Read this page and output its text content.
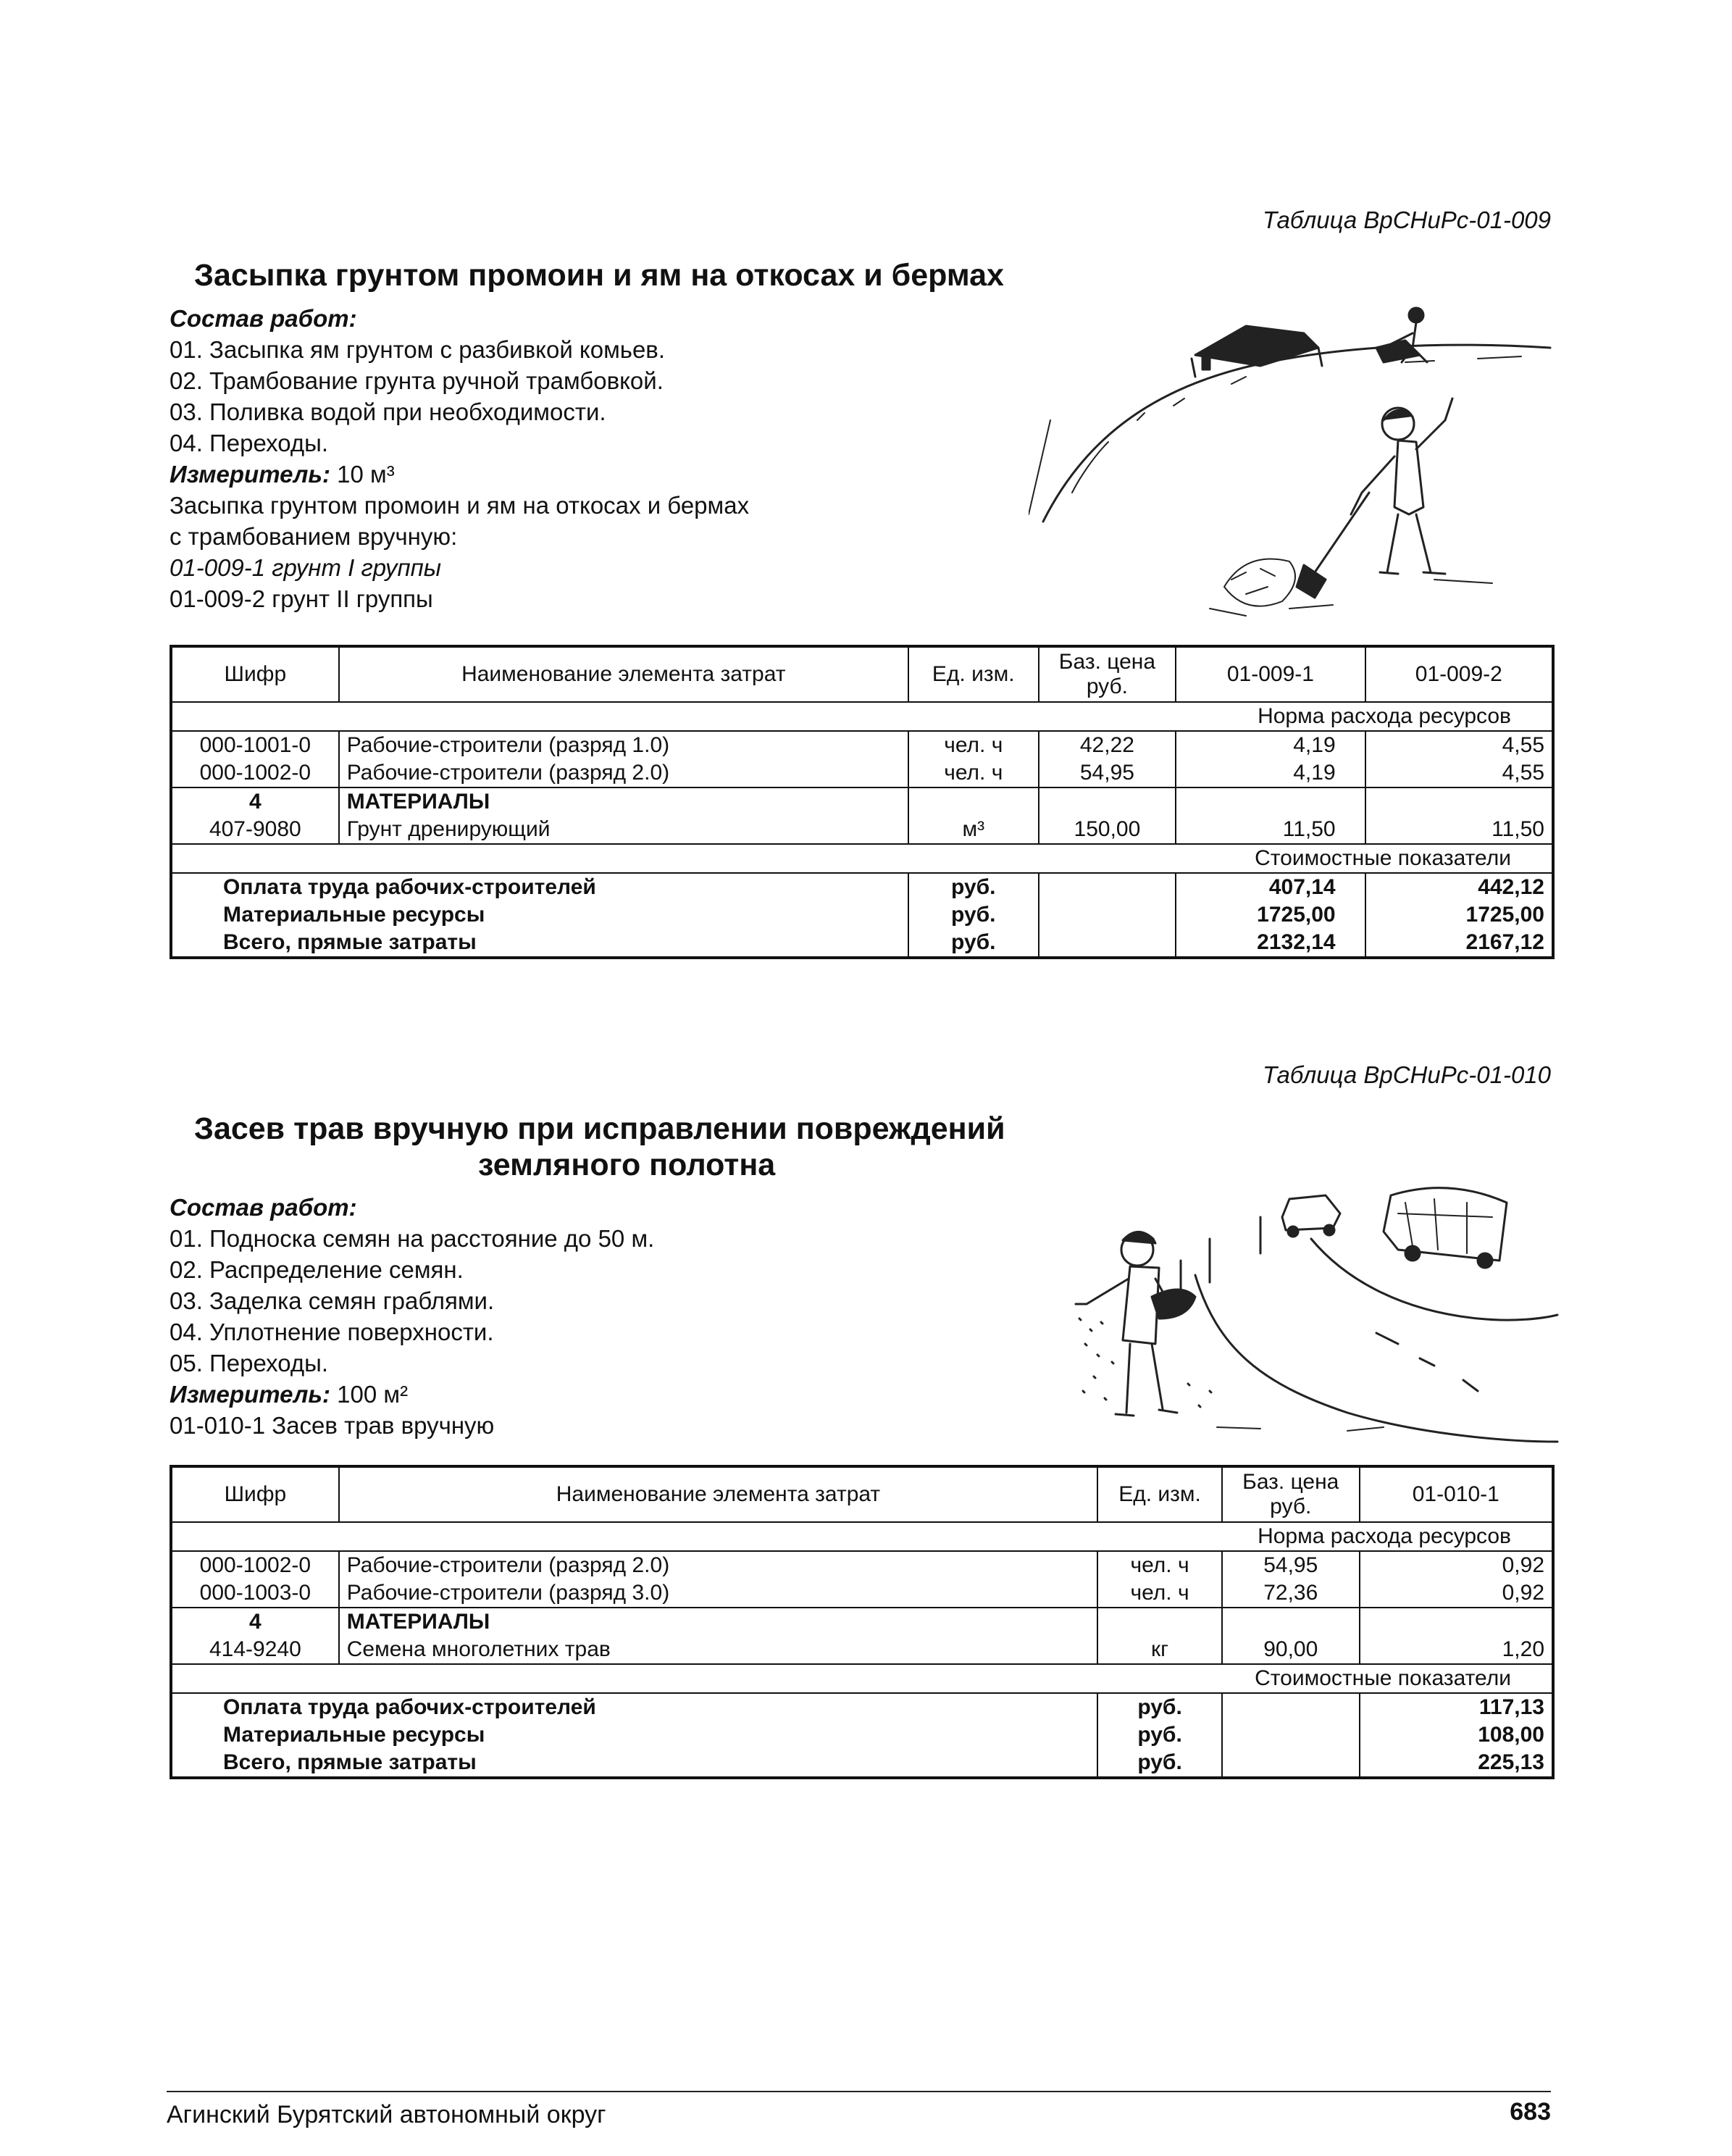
Таблица ВрСНиРс-01-009
Засыпка грунтом промоин и ям на откосах и бермах
Состав работ:
01. Засыпка ям грунтом с разбивкой комьев.
02. Трамбование грунта ручной трамбовкой.
03. Поливка водой при необходимости.
04. Переходы.
Измеритель: 10 м³
Засыпка грунтом промоин и ям на откосах и бермах
с трамбованием вручную:
01-009-1 грунт I группы
01-009-2 грунт II группы
Шифр	Наименование элемента затрат	Ед. изм.	Баз. цена руб.	01-009-1	01-009-2
Норма расхода ресурсов					
000-1001-0	Рабочие-строители (разряд 1.0)	чел. ч	42,22	4,19	4,55
000-1002-0	Рабочие-строители (разряд 2.0)	чел. ч	54,95	4,19	4,55
4	МАТЕРИАЛЫ				
407-9080	Грунт дренирующий	м³	150,00	11,50	11,50
Стоимостные показатели					
Оплата труда рабочих-строителей		руб.		407,14	442,12
Материальные ресурсы		руб.		1725,00	1725,00
Всего, прямые затраты		руб.		2132,14	2167,12
Таблица ВрСНиРс-01-010
Засев трав вручную при исправлении повреждений
земляного полотна
Состав работ:
01. Подноска семян на расстояние до 50 м.
02. Распределение семян.
03. Заделка семян граблями.
04. Уплотнение поверхности.
05. Переходы.
Измеритель: 100 м²
01-010-1 Засев трав вручную
Шифр	Наименование элемента затрат	Ед. изм.	Баз. цена руб.	01-010-1
Норма расхода ресурсов				
000-1002-0	Рабочие-строители (разряд 2.0)	чел. ч	54,95	0,92
000-1003-0	Рабочие-строители (разряд 3.0)	чел. ч	72,36	0,92
4	МАТЕРИАЛЫ			
414-9240	Семена многолетних трав	кг	90,00	1,20
Стоимостные показатели				
Оплата труда рабочих-строителей		руб.		117,13
Материальные ресурсы		руб.		108,00
Всего, прямые затраты		руб.		225,13
Агинский Бурятский автономный округ	683
